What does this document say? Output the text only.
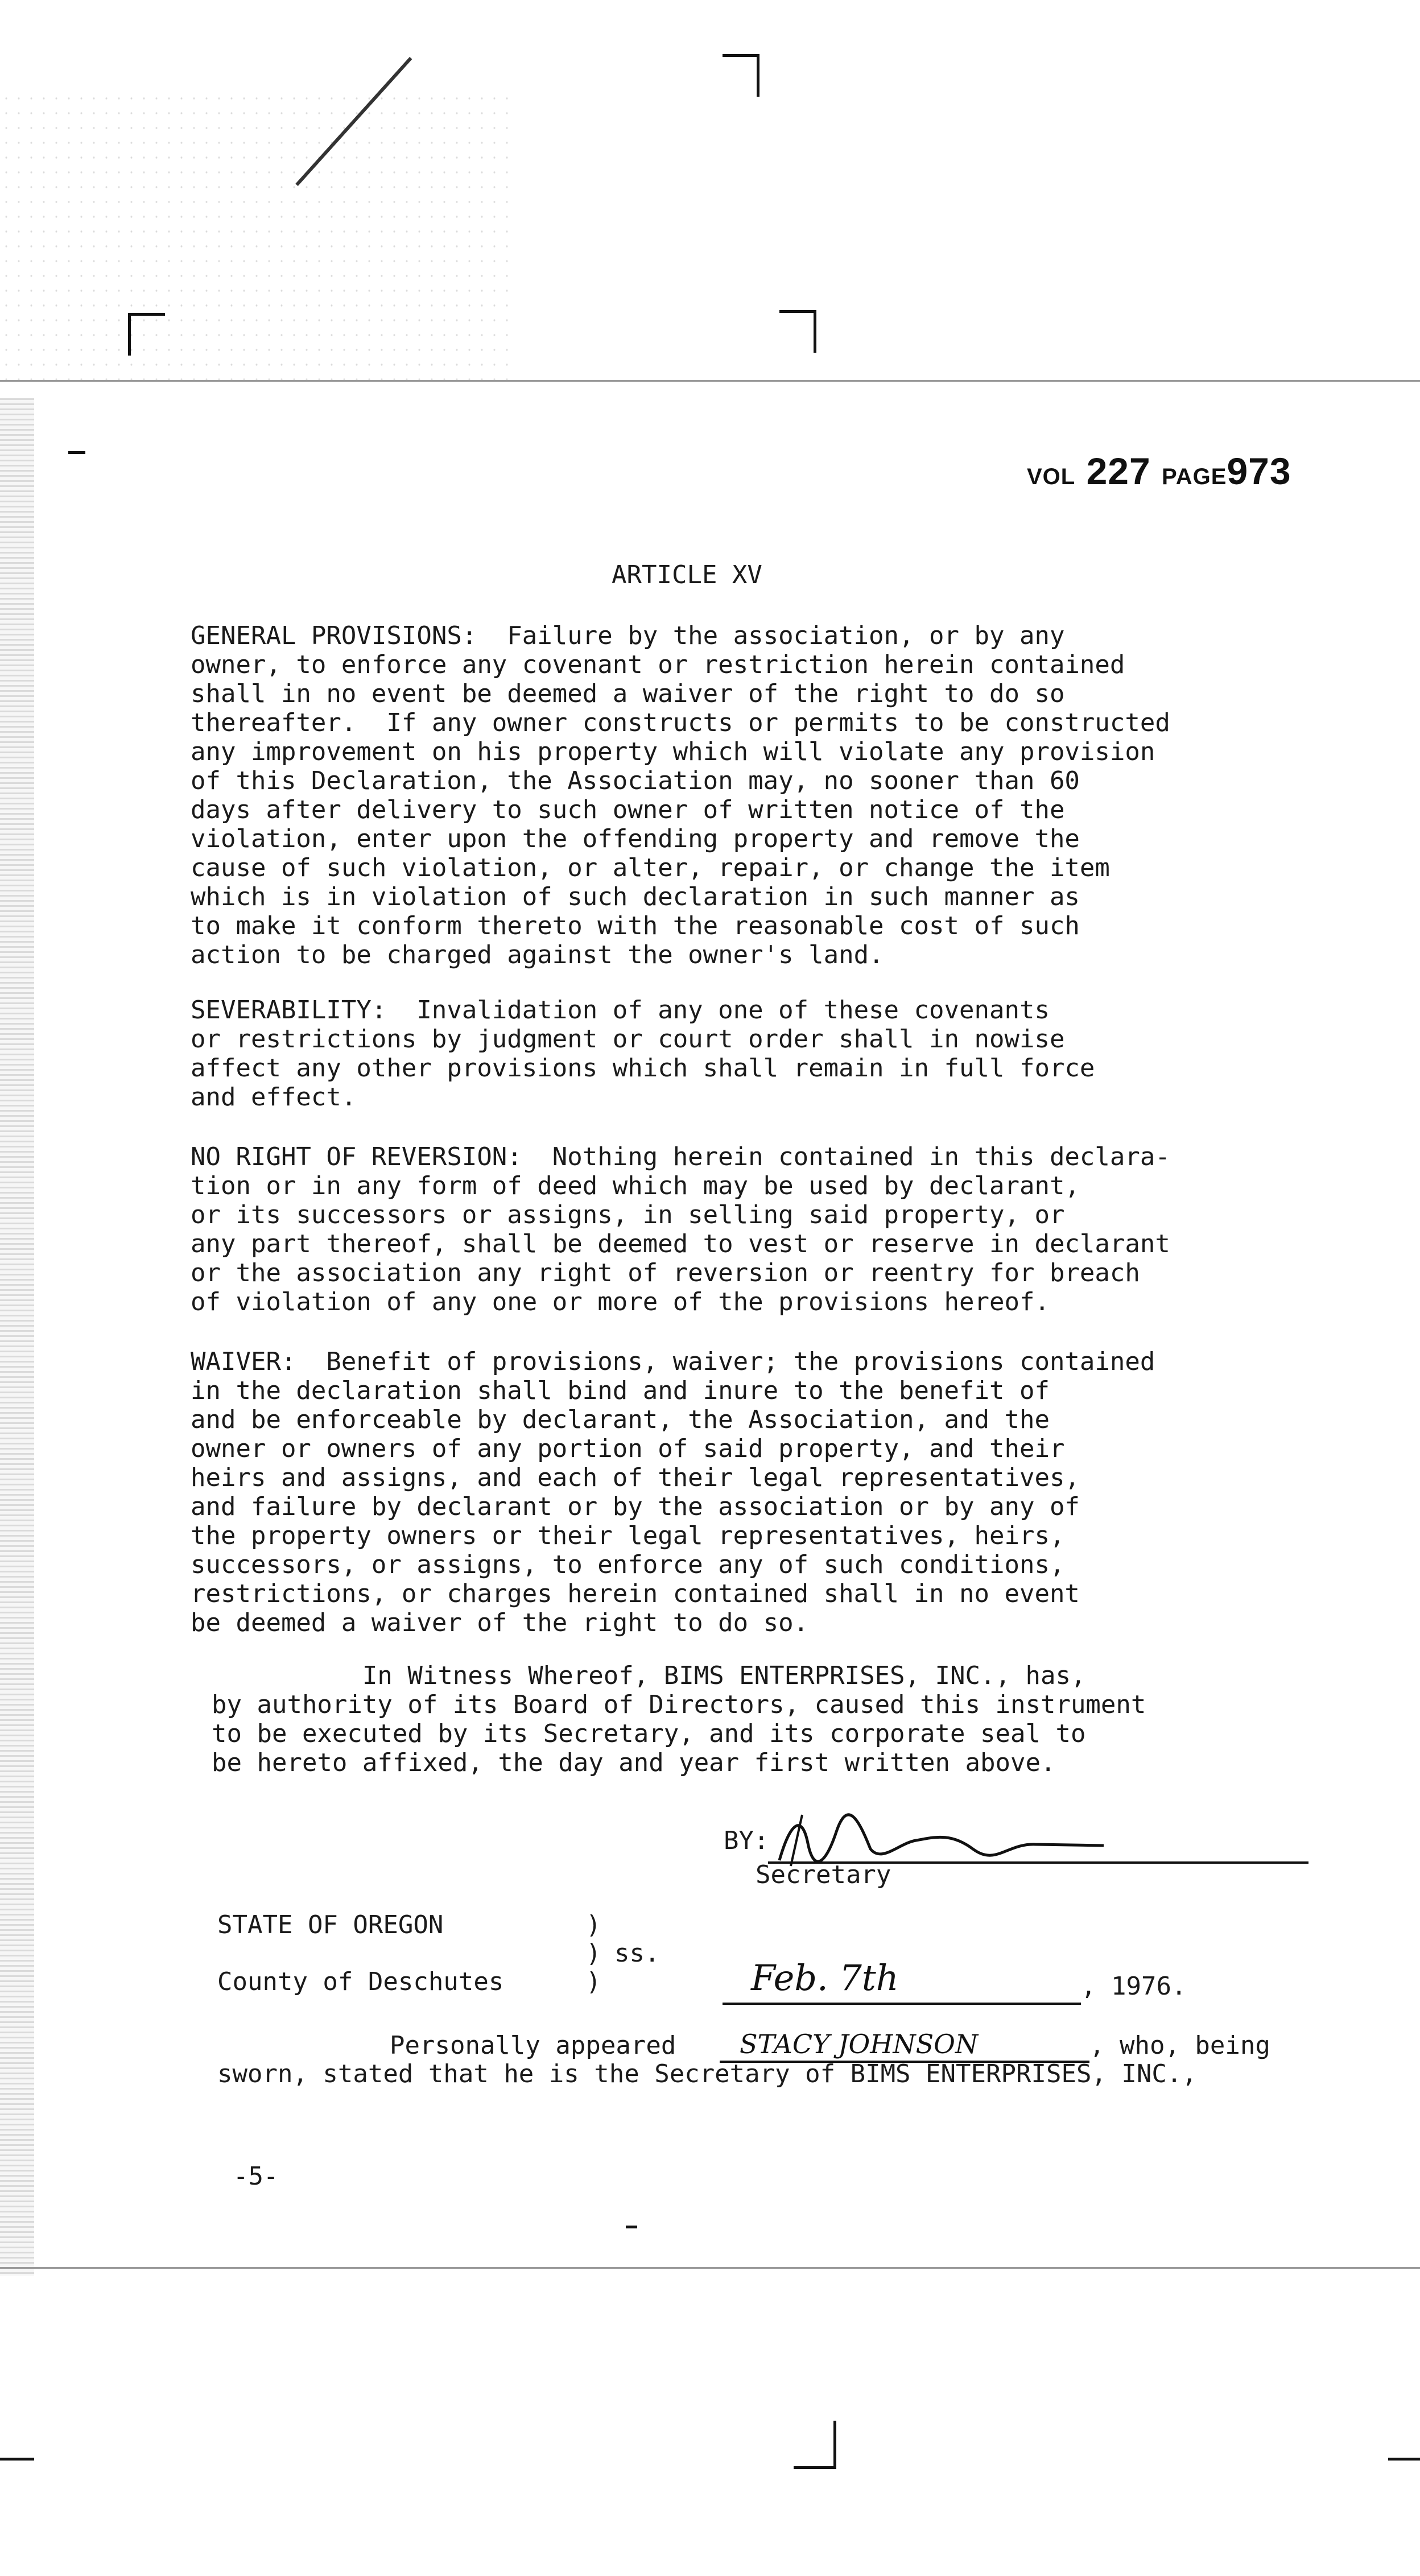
VOL 227 PAGE973
ARTICLE XV
GENERAL PROVISIONS:  Failure by the association, or by any
owner, to enforce any covenant or restriction herein contained
shall in no event be deemed a waiver of the right to do so
thereafter.  If any owner constructs or permits to be constructed
any improvement on his property which will violate any provision
of this Declaration, the Association may, no sooner than 60
days after delivery to such owner of written notice of the
violation, enter upon the offending property and remove the
cause of such violation, or alter, repair, or change the item
which is in violation of such declaration in such manner as
to make it conform thereto with the reasonable cost of such
action to be charged against the owner's land.
SEVERABILITY:  Invalidation of any one of these covenants
or restrictions by judgment or court order shall in nowise
affect any other provisions which shall remain in full force
and effect.
NO RIGHT OF REVERSION:  Nothing herein contained in this declara-
tion or in any form of deed which may be used by declarant,
or its successors or assigns, in selling said property, or
any part thereof, shall be deemed to vest or reserve in declarant
or the association any right of reversion or reentry for breach
of violation of any one or more of the provisions hereof.
WAIVER:  Benefit of provisions, waiver; the provisions contained
in the declaration shall bind and inure to the benefit of
and be enforceable by declarant, the Association, and the
owner or owners of any portion of said property, and their
heirs and assigns, and each of their legal representatives,
and failure by declarant or by the association or by any of
the property owners or their legal representatives, heirs,
successors, or assigns, to enforce any of such conditions,
restrictions, or charges herein contained shall in no event
be deemed a waiver of the right to do so.
In Witness Whereof, BIMS ENTERPRISES, INC., has,
by authority of its Board of Directors, caused this instrument
to be executed by its Secretary, and its corporate seal to
be hereto affixed, the day and year first written above.
BY:
Secretary
STATE OF OREGON	)
) ss.
)
County of Deschutes	Feb. 7th	, 1976.
Personally appeared STACY JOHNSON	, who, being
sworn, stated that he is the Secretary of BIMS ENTERPRISES, INC.,
-5-
